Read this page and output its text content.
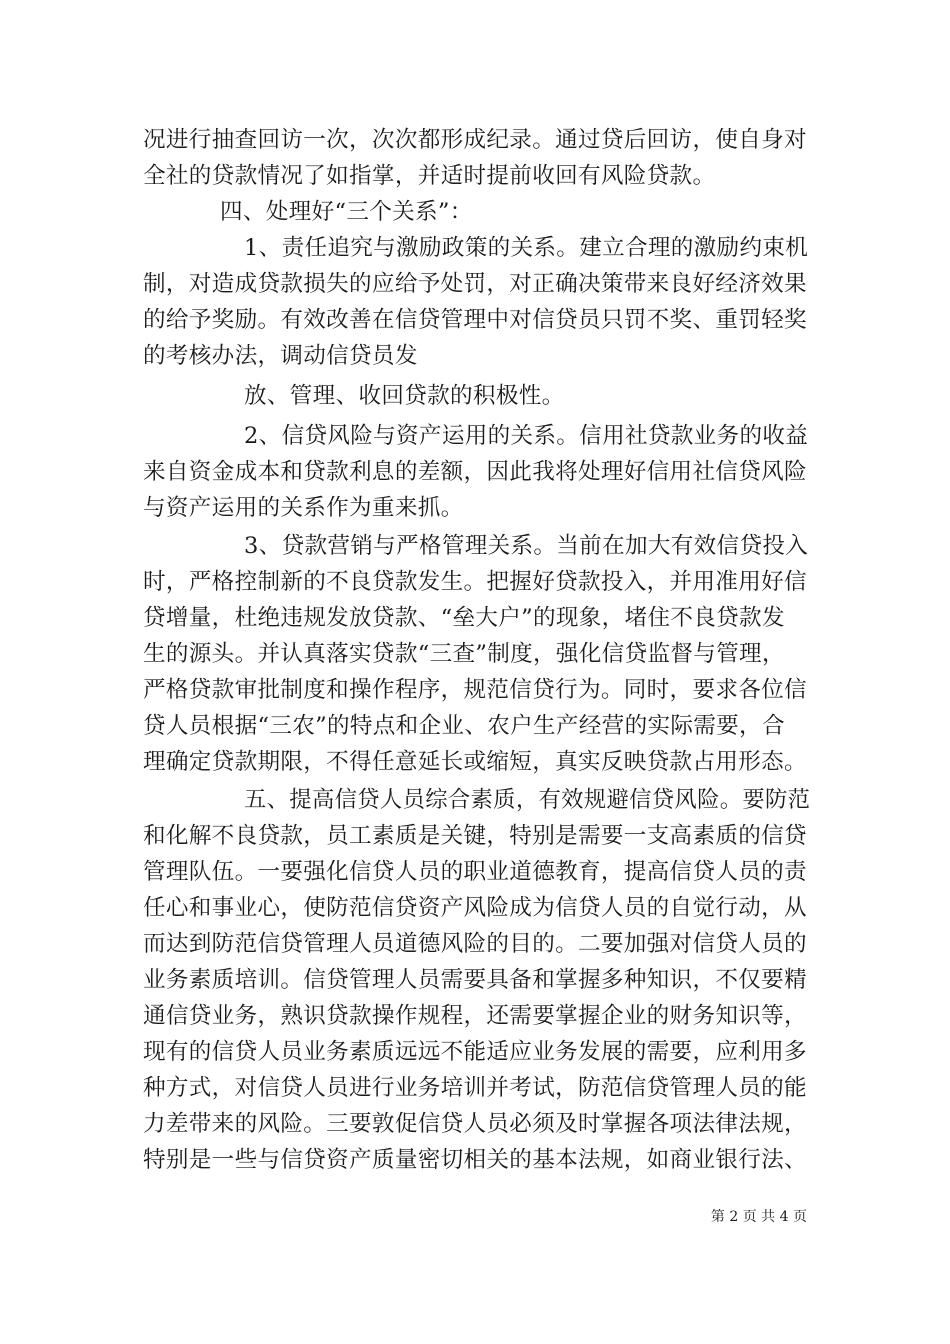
况进行抽查回访一次，次次都形成纪录。通过贷后回访，使自身对
全社的贷款情况了如指掌，并适时提前收回有风险贷款。
四、处理好“三个关系”：
1、责任追究与激励政策的关系。建立合理的激励约束机
制，对造成贷款损失的应给予处罚，对正确决策带来良好经济效果
的给予奖励。有效改善在信贷管理中对信贷员只罚不奖、重罚轻奖
的考核办法，调动信贷员发
放、管理、收回贷款的积极性。
2、信贷风险与资产运用的关系。信用社贷款业务的收益
来自资金成本和贷款利息的差额，因此我将处理好信用社信贷风险
与资产运用的关系作为重来抓。
3、贷款营销与严格管理关系。当前在加大有效信贷投入
时，严格控制新的不良贷款发生。把握好贷款投入，并用准用好信
贷增量，杜绝违规发放贷款、“垒大户”的现象，堵住不良贷款发
生的源头。并认真落实贷款“三查”制度，强化信贷监督与管理，
严格贷款审批制度和操作程序，规范信贷行为。同时，要求各位信
贷人员根据“三农”的特点和企业、农户生产经营的实际需要，合
理确定贷款期限，不得任意延长或缩短，真实反映贷款占用形态。
五、提高信贷人员综合素质，有效规避信贷风险。要防范
和化解不良贷款，员工素质是关键，特别是需要一支高素质的信贷
管理队伍。一要强化信贷人员的职业道德教育，提高信贷人员的责
任心和事业心，使防范信贷资产风险成为信贷人员的自觉行动，从
而达到防范信贷管理人员道德风险的目的。二要加强对信贷人员的
业务素质培训。信贷管理人员需要具备和掌握多种知识，不仅要精
通信贷业务，熟识贷款操作规程，还需要掌握企业的财务知识等，
现有的信贷人员业务素质远远不能适应业务发展的需要，应利用多
种方式，对信贷人员进行业务培训并考试，防范信贷管理人员的能
力差带来的风险。三要敦促信贷人员必须及时掌握各项法律法规，
特别是一些与信贷资产质量密切相关的基本法规，如商业银行法、
第 2 页 共 4 页
